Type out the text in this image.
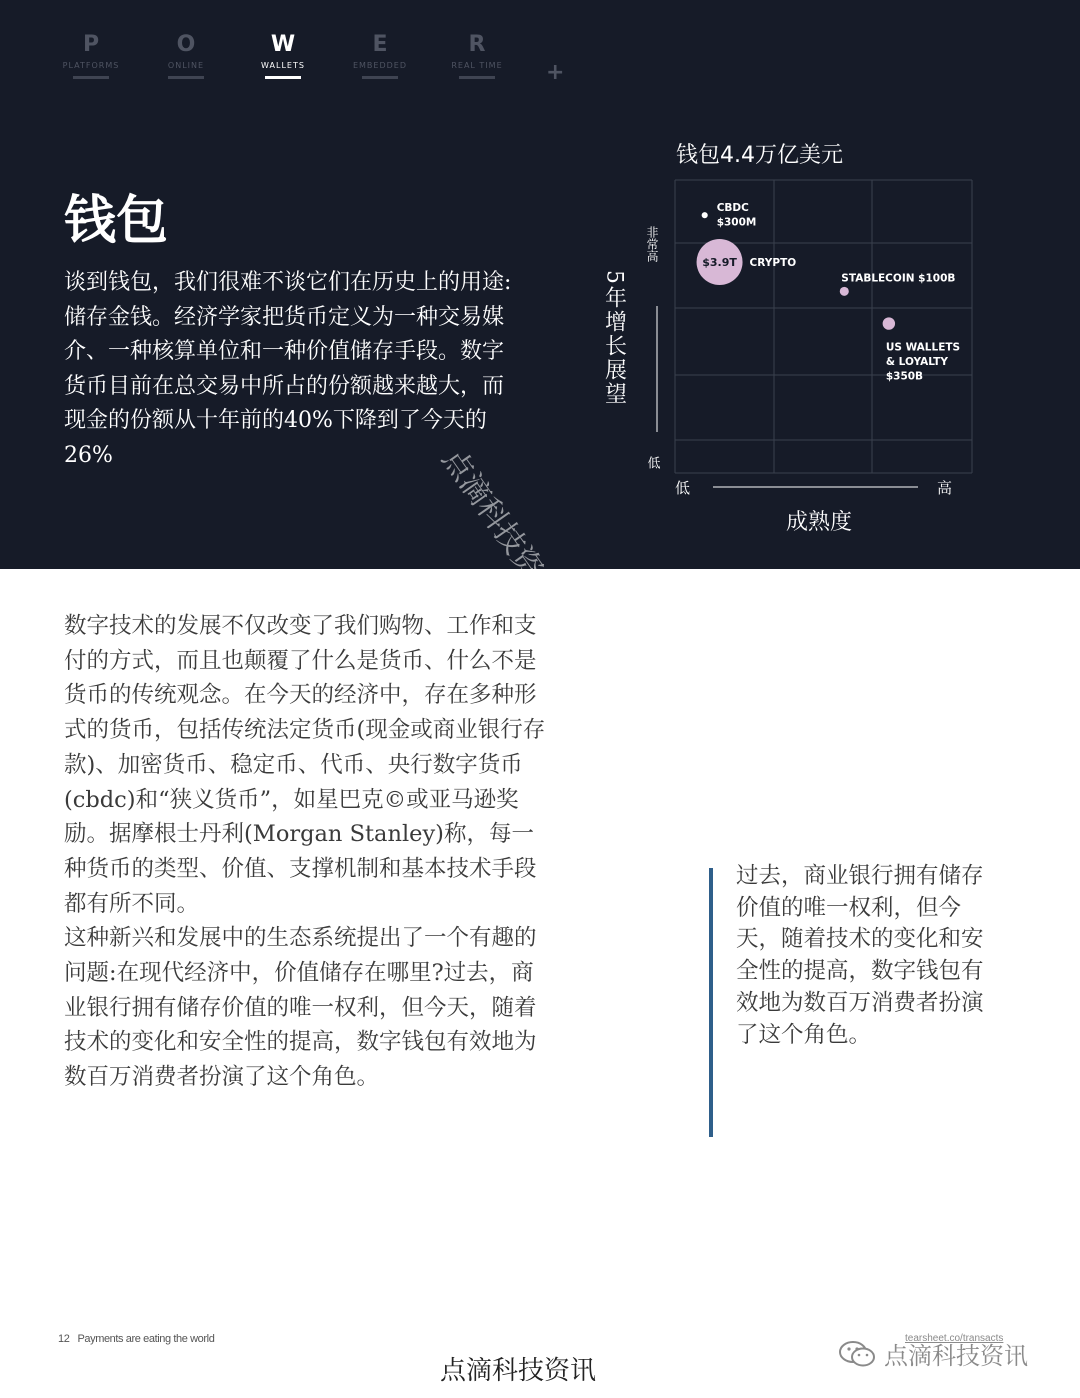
P
PLATFORMS
O
ONLINE
W
WALLETS
E
EMBEDDED
R
REAL TIME +
钱包

谈到钱包，我们很难不谈它们在历史上的用途:储存金钱。经济学家把货币定义为一种交易媒介、一种核算单位和一种价值储存手段。数字货币目前在总交易中所占的份额越来越大，而现金的份额从十年前的40%下降到了今天的26%

钱包4.4万亿美元
5年增长展望
非常高
低
低	高
成熟度
CBDC
$300M
$3.9T CRYPTO
STABLECOIN $100B
US WALLETS
& LOYALTY
$350B
点滴科技资讯

数字技术的发展不仅改变了我们购物、工作和支付的方式，而且也颠覆了什么是货币、什么不是货币的传统观念。在今天的经济中，存在多种形式的货币，包括传统法定货币(现金或商业银行存款)、加密货币、稳定币、代币、央行数字货币(cbdc)和“狭义货币”，如星巴克©或亚马逊奖励。据摩根士丹利(Morgan Stanley)称，每一种货币的类型、价值、支撑机制和基本技术手段都有所不同。
这种新兴和发展中的生态系统提出了一个有趣的问题:在现代经济中，价值储存在哪里?过去，商业银行拥有储存价值的唯一权利，但今天，随着技术的变化和安全性的提高，数字钱包有效地为数百万消费者扮演了这个角色。

过去，商业银行拥有储存价值的唯一权利，但今天，随着技术的变化和安全性的提高，数字钱包有效地为数百万消费者扮演了这个角色。

12 Payments are eating the world	tearsheet.co/transacts
点滴科技资讯	点滴科技资讯
